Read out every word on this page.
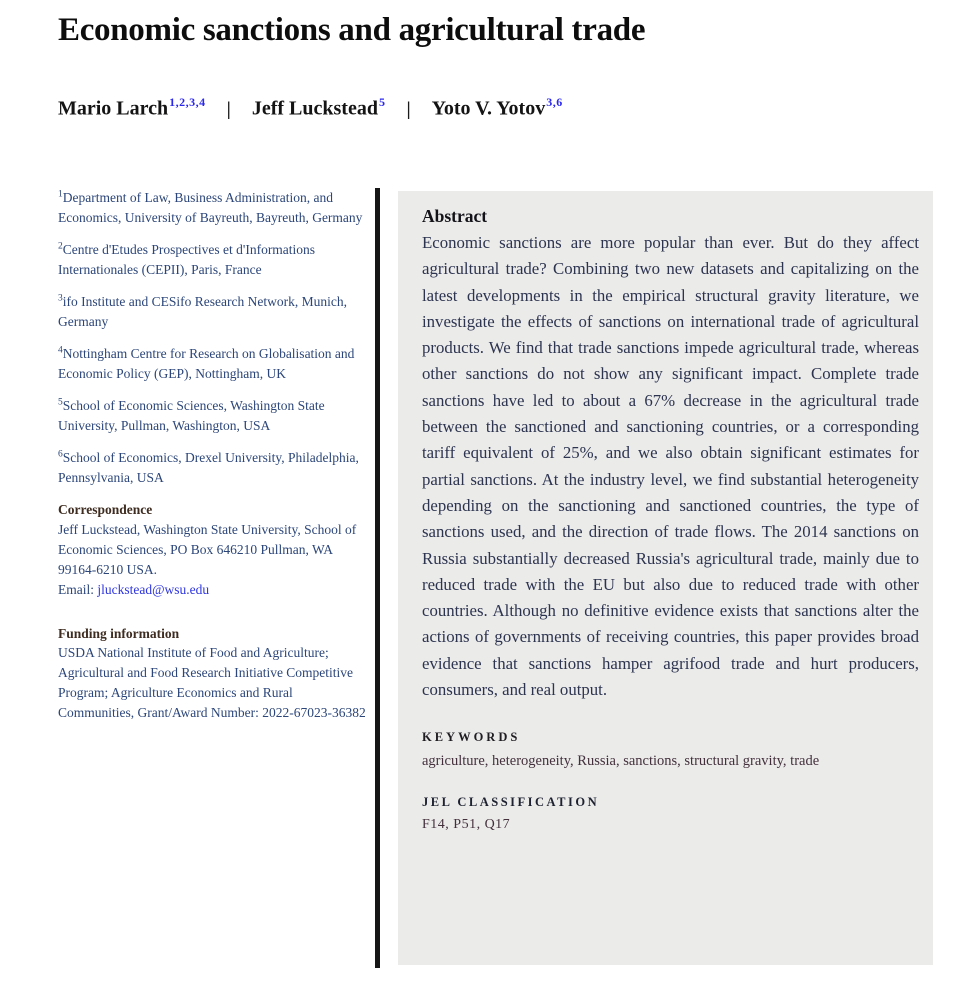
Economic sanctions and agricultural trade
Mario Larch$^{1,2,3,4}$ | Jeff Luckstead$^5$ | Yoto V. Yotov$^{3,6}$

$^1$Department of Law, Business Administration, and Economics, University of Bayreuth, Bayreuth, Germany

$^2$Centre d'Etudes Prospectives et d'Informations Internationales (CEPII), Paris, France

$^3$ifo Institute and CESifo Research Network, Munich, Germany

$^4$Nottingham Centre for Research on Globalisation and Economic Policy (GEP), Nottingham, UK

$^5$School of Economic Sciences, Washington State University, Pullman, Washington, USA

$^6$School of Economics, Drexel University, Philadelphia, Pennsylvania, USA

Correspondence
Jeff Luckstead, Washington State University, School of Economic Sciences, PO Box 646210 Pullman, WA 99164-6210 USA.
Email: jluckstead@wsu.edu
Funding information
USDA National Institute of Food and Agriculture; Agricultural and Food Research Initiative Competitive Program; Agriculture Economics and Rural Communities, Grant/Award Number: 2022-67023-36382
Abstract

Economic sanctions are more popular than ever. But do they affect agricultural trade? Combining two new datasets and capitalizing on the latest developments in the empirical structural gravity literature, we investigate the effects of sanctions on international trade of agricultural products. We find that trade sanctions impede agricultural trade, whereas other sanctions do not show any significant impact. Complete trade sanctions have led to about a 67% decrease in the agricultural trade between the sanctioned and sanctioning countries, or a corresponding tariff equivalent of 25%, and we also obtain significant estimates for partial sanctions. At the industry level, we find substantial heterogeneity depending on the sanctioning and sanctioned countries, the type of sanctions used, and the direction of trade flows. The 2014 sanctions on Russia substantially decreased Russia's agricultural trade, mainly due to reduced trade with the EU but also due to reduced trade with other countries. Although no definitive evidence exists that sanctions alter the actions of governments of receiving countries, this paper provides broad evidence that sanctions hamper agrifood trade and hurt producers, consumers, and real output.

KEYWORDS
agriculture, heterogeneity, Russia, sanctions, structural gravity, trade
JEL CLASSIFICATION
F14, P51, Q17
